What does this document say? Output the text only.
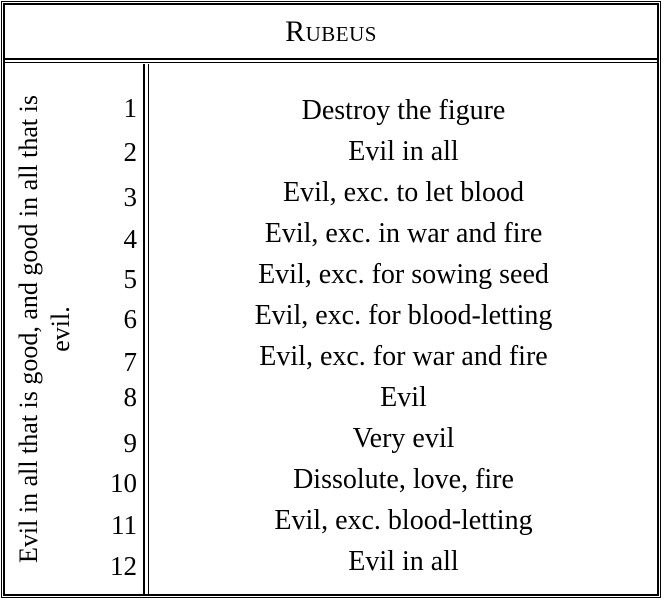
Rubeus
Evil in all that is good, and good in all that is evil.
1
2
3
4
5
6
7
8
9
10
11
12
Destroy the figure
Evil in all
Evil, exc. to let blood
Evil, exc. in war and fire
Evil, exc. for sowing seed
Evil, exc. for blood-letting
Evil, exc. for war and fire
Evil
Very evil
Dissolute, love, fire
Evil, exc. blood-letting
Evil in all
